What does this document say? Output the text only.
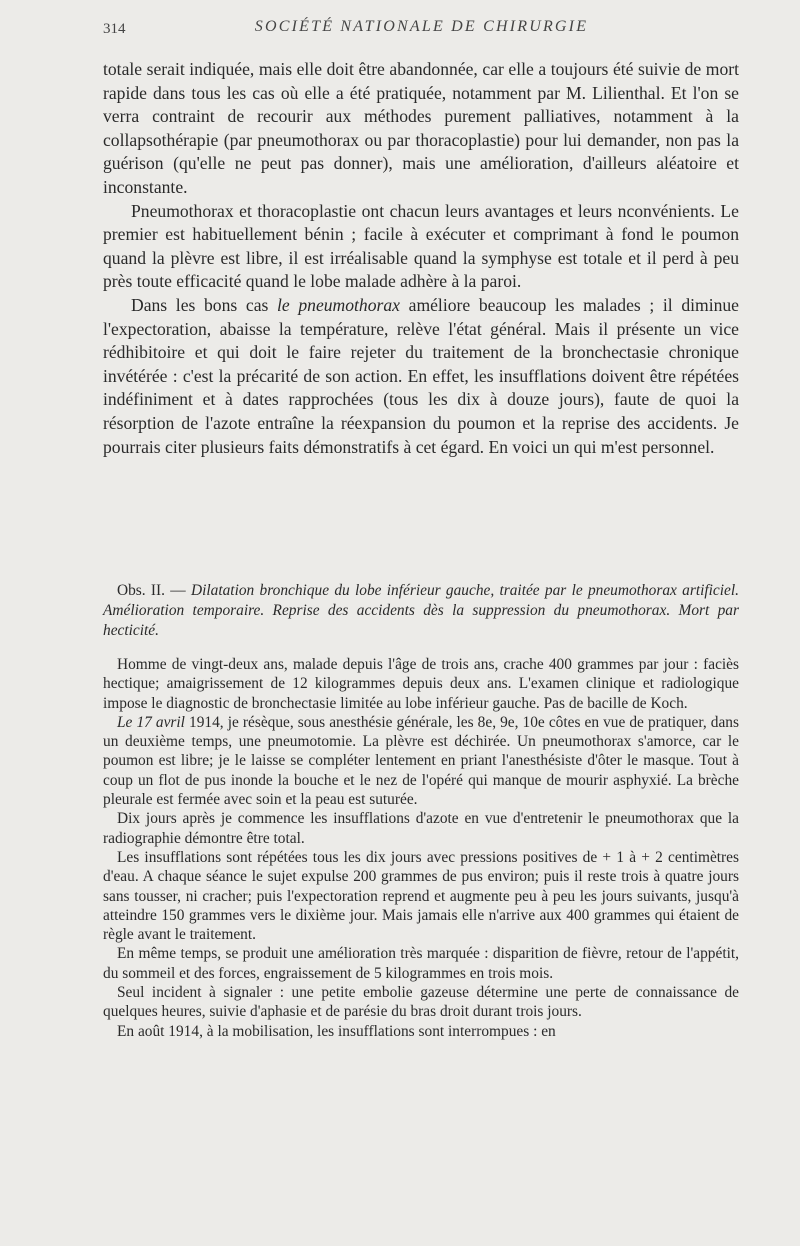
314	SOCIÉTÉ NATIONALE DE CHIRURGIE

totale serait indiquée, mais elle doit être abandonnée, car elle a toujours été suivie de mort rapide dans tous les cas où elle a été pratiquée, notamment par M. Lilienthal. Et l'on se verra contraint de recourir aux méthodes purement palliatives, notamment à la collapsothérapie (par pneumothorax ou par thoracoplastie) pour lui demander, non pas la guérison (qu'elle ne peut pas donner), mais une amélioration, d'ailleurs aléatoire et inconstante.

Pneumothorax et thoracoplastie ont chacun leurs avantages et leurs nconvénients. Le premier est habituellement bénin ; facile à exécuter et comprimant à fond le poumon quand la plèvre est libre, il est irréalisable quand la symphyse est totale et il perd à peu près toute efficacité quand le lobe malade adhère à la paroi.

Dans les bons cas le pneumothorax améliore beaucoup les malades ; il diminue l'expectoration, abaisse la température, relève l'état général. Mais il présente un vice rédhibitoire et qui doit le faire rejeter du traitement de la bronchectasie chronique invétérée : c'est la précarité de son action. En effet, les insufflations doivent être répétées indéfiniment et à dates rapprochées (tous les dix à douze jours), faute de quoi la résorption de l'azote entraîne la réexpansion du poumon et la reprise des accidents. Je pourrais citer plusieurs faits démonstratifs à cet égard. En voici un qui m'est personnel.

Obs. II. — Dilatation bronchique du lobe inférieur gauche, traitée par le pneumothorax artificiel. Amélioration temporaire. Reprise des accidents dès la suppression du pneumothorax. Mort par hecticité.

Homme de vingt-deux ans, malade depuis l'âge de trois ans, crache 400 grammes par jour : faciès hectique; amaigrissement de 12 kilogrammes depuis deux ans. L'examen clinique et radiologique impose le diagnostic de bronchectasie limitée au lobe inférieur gauche. Pas de bacille de Koch.

Le 17 avril 1914, je résèque, sous anesthésie générale, les 8e, 9e, 10e côtes en vue de pratiquer, dans un deuxième temps, une pneumotomie. La plèvre est déchirée. Un pneumothorax s'amorce, car le poumon est libre; je le laisse se compléter lentement en priant l'anesthésiste d'ôter le masque. Tout à coup un flot de pus inonde la bouche et le nez de l'opéré qui manque de mourir asphyxié. La brèche pleurale est fermée avec soin et la peau est suturée.

Dix jours après je commence les insufflations d'azote en vue d'entretenir le pneumothorax que la radiographie démontre être total.

Les insufflations sont répétées tous les dix jours avec pressions positives de + 1 à + 2 centimètres d'eau. A chaque séance le sujet expulse 200 grammes de pus environ; puis il reste trois à quatre jours sans tousser, ni cracher; puis l'expectoration reprend et augmente peu à peu les jours suivants, jusqu'à atteindre 150 grammes vers le dixième jour. Mais jamais elle n'arrive aux 400 grammes qui étaient de règle avant le traitement.

En même temps, se produit une amélioration très marquée : disparition de fièvre, retour de l'appétit, du sommeil et des forces, engraissement de 5 kilogrammes en trois mois.

Seul incident à signaler : une petite embolie gazeuse détermine une perte de connaissance de quelques heures, suivie d'aphasie et de parésie du bras droit durant trois jours.

En août 1914, à la mobilisation, les insufflations sont interrompues : en
